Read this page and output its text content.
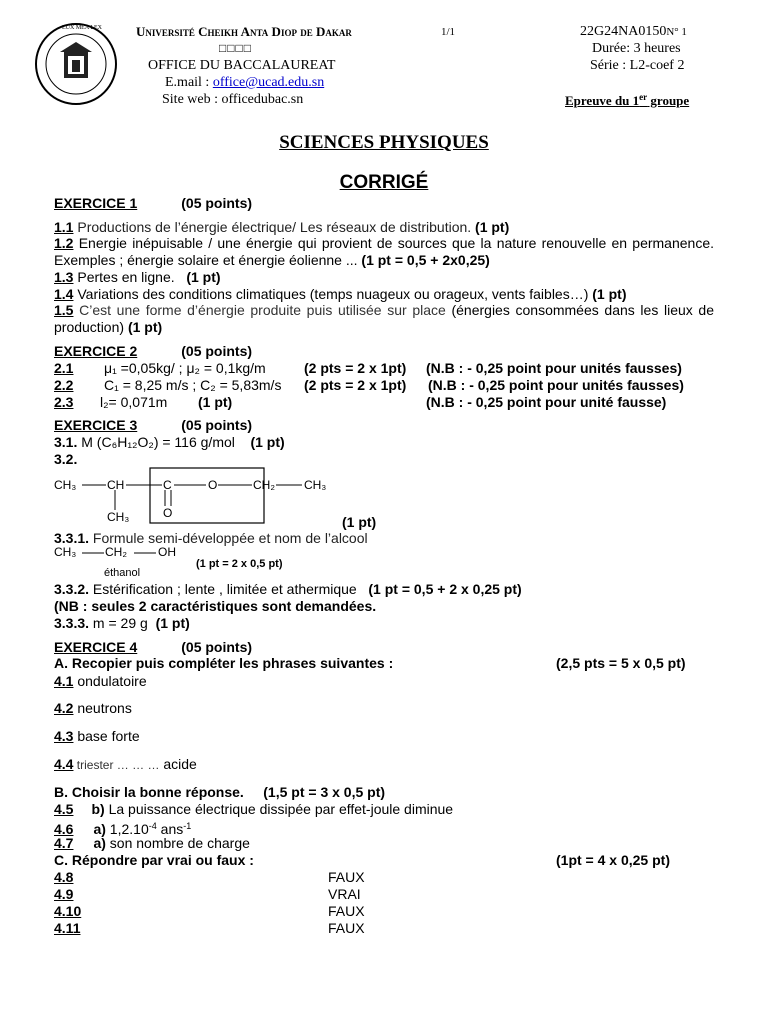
LUX MEA LEX	Université Cheikh Anta Diop de Dakar	1/1	22G24NA0150N° 1
□□□□	Durée: 3 heures
OFFICE DU BACCALAUREAT	Série : L2-coef 2
E.mail : office@ucad.edu.sn
Site web : officedubac.sn	Epreuve du 1er groupe
SCIENCES PHYSIQUES
CORRIGÉ
EXERCICE 1	(05 points)
1.1 Productions de l’énergie électrique/ Les réseaux de distribution. (1 pt)
1.2 Energie inépuisable / une énergie qui provient de sources que la nature renouvelle en permanence. Exemples ; énergie solaire et énergie éolienne ... (1 pt = 0,5 + 2x0,25)
1.3 Pertes en ligne. (1 pt)
1.4 Variations des conditions climatiques (temps nuageux ou orageux, vents faibles…) (1 pt)
1.5 C’est une forme d’énergie produite puis utilisée sur place (énergies consommées dans les lieux de production) (1 pt)
EXERCICE 2	(05 points)
2.1 μ₁ =0,05kg/ ; μ₂ = 0,1kg/m	(2 pts = 2 x 1pt) (N.B : - 0,25 point pour unités fausses)
2.2 C₁ = 8,25 m/s ; C₂ = 5,83m/s (2 pts = 2 x 1pt) (N.B : - 0,25 point pour unités fausses)
2.3 l₂= 0,071m (1 pt)	(N.B : - 0,25 point pour unité fausse)
EXERCICE 3	(05 points)
3.1. M (C₆H₁₂O₂) = 116 g/mol (1 pt)
3.2.
CH₃	CH	C	O	CH₂ CH₃
CH₃	O
(1 pt)
3.3.1. Formule semi-développée et nom de l’alcool
CH₃ CH₂	OH
(1 pt = 2 x 0,5 pt)
éthanol
3.3.2. Estérification ; lente , limitée et athermique (1 pt = 0,5 + 2 x 0,25 pt)
(NB : seules 2 caractéristiques sont demandées.
3.3.3. m = 29 g (1 pt)
EXERCICE 4	(05 points)
A. Recopier puis compléter les phrases suivantes :	(2,5 pts = 5 x 0,5 pt)
4.1 ondulatoire
4.2 neutrons
4.3 base forte
4.4 triester … … … acide
B. Choisir la bonne réponse. (1,5 pt = 3 x 0,5 pt)
4.5 b) La puissance électrique dissipée par effet-joule diminue
4.6 a) $1,2.10^{-4}$ ans$^{-1}$
4.7 a) son nombre de charge
C. Répondre par vrai ou faux :	(1pt = 4 x 0,25 pt)
4.8	FAUX
4.9	VRAI
4.10	FAUX
4.11	FAUX
